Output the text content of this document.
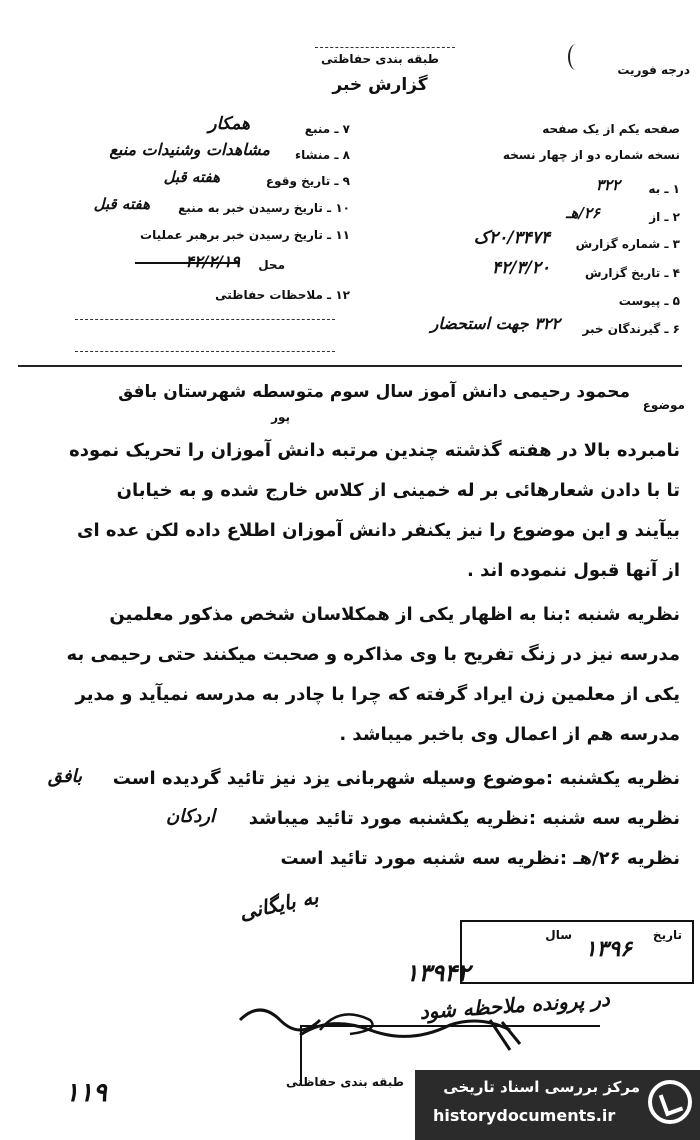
طبقه بندی حفاظتی
گزارش خبر
درجه فوریت
۷ ـ منبع
همکار
۸ ـ منشاء
مشاهدات وشنیدات منبع
۹ ـ تاریخ وقوع
هفته قبل
۱۰ ـ تاریخ رسیدن خبر به منبع
هفته قبل
۱۱ ـ تاریخ رسیدن خبر برهبر عملیات
محل
۴۲/۲/۱۹
۱۲ ـ ملاحظات حفاظتی
صفحه یکم از یک صفحه
نسخه شماره دو از چهار نسخه
۱ ـ به
۳۲۲
۲ ـ از
۲۶/هـ
۳ ـ شماره گزارش
۲۰/۳۴۷۴ک
۴ ـ تاریخ گزارش
۴۲/۳/۲۰
۵ ـ پیوست
۶ ـ گیرندگان خبر
۳۲۲ جهت استحضار
موضوع
محمود رحیمی دانش آموز سال سوم متوسطه شهرستان بافق
پور
نامبرده بالا در هفته گذشته چندین مرتبه دانش آموزان را تحریک نموده
تا با دادن شعارهائی بر له خمینی از کلاس خارج شده و به خیابان
بیآیند و این موضوع را نیز یکنفر دانش آموزان اطلاع داده لکن عده ای
از آنها قبول ننموده اند .
نظریه شنبه :بنا به اظهار یکی از همکلاسان شخص مذکور معلمین
مدرسه نیز در زنگ تفریح با وی مذاکره و صحبت میکنند حتی رحیمی به
یکی از معلمین زن ایراد گرفته که چرا با چادر به مدرسه نمیآید و مدیر
مدرسه هم از اعمال وی باخبر میباشد .
نظریه یکشنبه :موضوع وسیله شهربانی یزد نیز تائید گردیده است
نظریه سه شنبه :نظریه یکشنبه مورد تائید میباشد
نظریه ۲۶/هـ :نظریه سه شنبه مورد تائید است
بافق
اردکان
به بایگانی
تاریخ
سال
۱۳۹۶
۱۳۹۴۲
در پرونده ملاحظه شود
۱۱۹	طبقه بندی حفاظتی	مرکز بررسی اسناد تاریخی
historydocuments.ir
